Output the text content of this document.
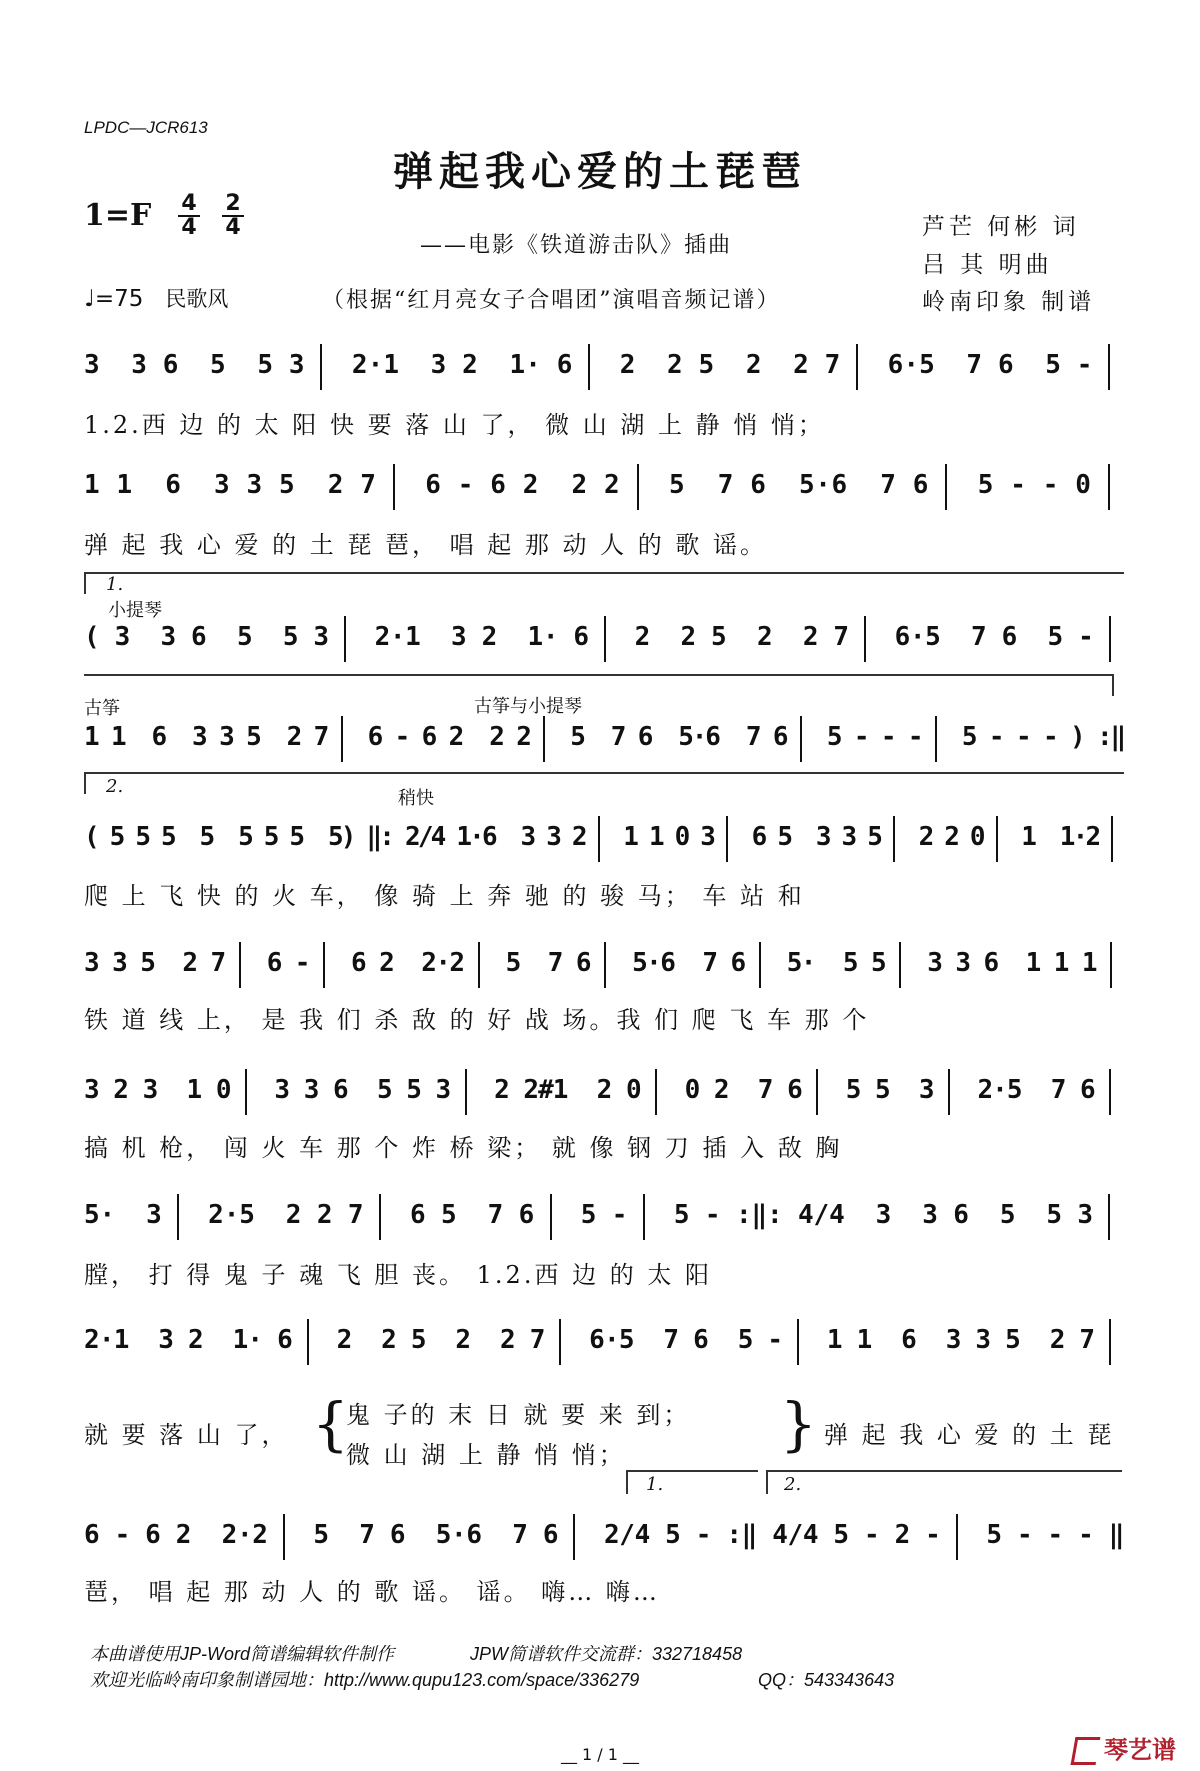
LPDC—JCR613
弹起我心爱的土琵琶
$1=F \frac{4}{4} \frac{2}{4}$
——电影《铁道游击队》插曲
芦芒 何彬 词
吕 其 明曲
♩=75 民歌风	（根据“红月亮女子合唱团”演唱音频记谱）	岭南印象 制谱
3 3 6 5 5 3 2 · 1 3 2 1 · 6 2 2 5 2 2 7 6 · 5 7 6 5 -
1.2.西 边 的 太 阳 快 要 落 山 了， 微 山 湖 上 静 悄 悄；
1 1 6 3 3 5 2 7 6 - 6 2 2 2 5 7 6 5 · 6 7 6 5 - - 0
弹 起 我 心 爱 的 土 琵 琶， 唱 起 那 动 人 的 歌 谣。
( 3 3 6 5 5 3 2 · 1 3 2 1 · 6 2 2 5 2 2 7 6 · 5 7 6 5 -
1 1 6 3 3 5 2 7 6 - 6 2 2 2 5 7 6 5
·
6 7 6 5 - - - 5 - - - ) :
‖
( 5 5 5 5 5 5 5 5
) ‖
: 2
/
4 1
·
6 3 3 2 1 1 0 3 6 5 3 3 5 2 2 0 1 1
·
2
爬 上 飞 快 的 火 车， 像 骑 上 奔 驰 的 骏 马； 车 站 和
3 3 5 2 7 6 - 6 2 2
·
2 5 7 6 5
·
6 7 6 5
· 5 5 3 3 6 1 1 1
铁 道 线 上， 是 我 们 杀 敌 的 好 战 场。我 们 爬 飞 车 那 个
3 2 3 1 0 3 3 6 5 5 3 2 2 #
1 2 0 0 2 7 6 5 5 3 2
· 5 7 6
搞 机 枪， 闯 火 车 那 个 炸 桥 梁； 就 像 钢 刀 插 入 敌 胸
5 · 3 2 · 5 2 2 7 6 5 7 6 5 - 5 - : ‖ : 4 / 4 3 3 6 5 5 3
膛， 打 得 鬼 子 魂 飞 胆 丧。 1.2.西 边 的 太 阳
2 · 1 3 2 1 · 6 2 2 5 2 2 7 6 · 5 7 6 5 - 1 1 6 3 3 5 2 7
6 - 6 2 2 · 2 5 7 6 5 · 6 7 6 2 / 4 5 - : ‖ 4 / 4 5 - 2 - 5 - - - ‖
琶， 唱 起 那 动 人 的 歌 谣。 谣。 嗨… 嗨…
1.
小提琴
古筝	古筝与小提琴
2.
稍快
就 要 落 山 了， {
鬼 子的 末 日 就 要 来 到；
微 山 湖 上 静 悄 悄；	} 弹 起 我 心 爱 的 土 琵
1.	2.
本曲谱使用JP-Word简谱编辑软件制作	JPW简谱软件交流群：332718458
欢迎光临岭南印象制谱园地：http://www.qupu123.com/space/336279	QQ：543343643
__ 1 / 1 __	琴艺谱
